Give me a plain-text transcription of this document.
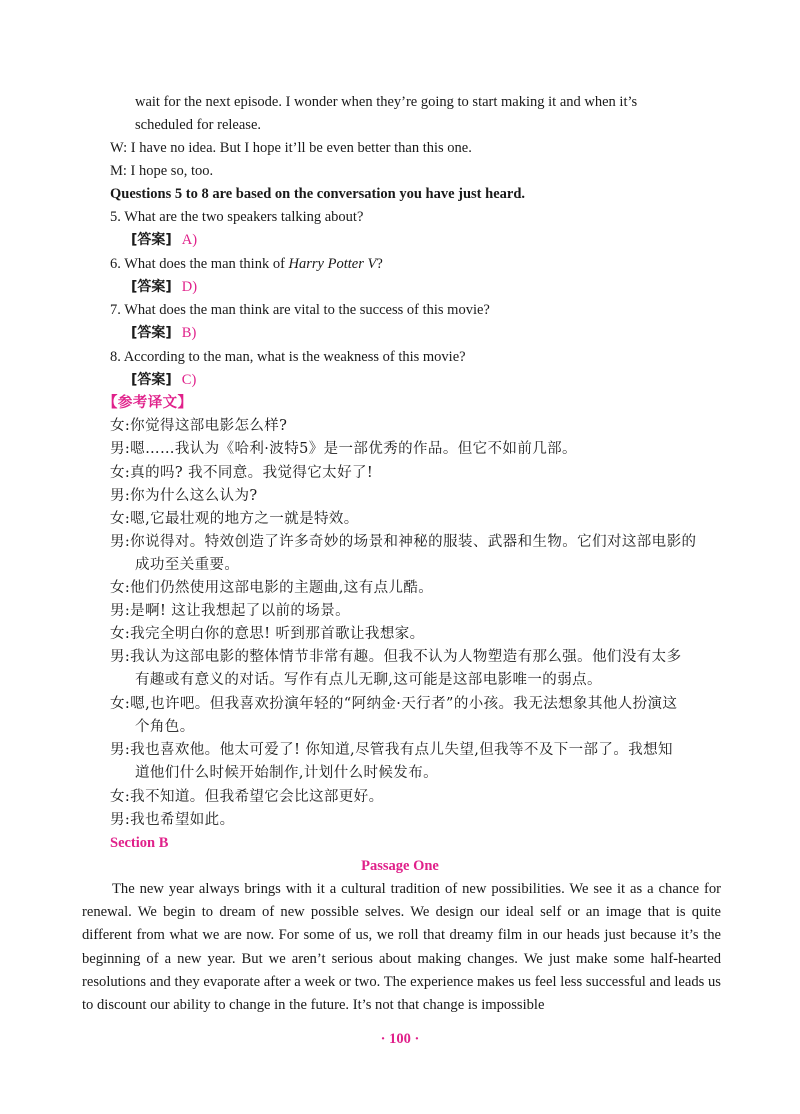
wait for the next episode. I wonder when they’re going to start making it and when it’s
scheduled for release.
W: I have no idea. But I hope it’ll be even better than this one.
M: I hope so, too.
Questions 5 to 8 are based on the conversation you have just heard.
5. What are the two speakers talking about?
[答案] A)
6. What does the man think of Harry Potter V?
[答案] D)
7. What does the man think are vital to the success of this movie?
[答案] B)
8. According to the man, what is the weakness of this movie?
[答案] C)
【参考译文】
女:你觉得这部电影怎么样?
男:嗯……我认为《哈利·波特5》是一部优秀的作品。但它不如前几部。
女:真的吗? 我不同意。我觉得它太好了!
男:你为什么这么认为?
女:嗯,它最壮观的地方之一就是特效。
男:你说得对。特效创造了许多奇妙的场景和神秘的服装、武器和生物。它们对这部电影的
成功至关重要。
女:他们仍然使用这部电影的主题曲,这有点儿酷。
男:是啊! 这让我想起了以前的场景。
女:我完全明白你的意思! 听到那首歌让我想家。
男:我认为这部电影的整体情节非常有趣。但我不认为人物塑造有那么强。他们没有太多
有趣或有意义的对话。写作有点儿无聊,这可能是这部电影唯一的弱点。
女:嗯,也许吧。但我喜欢扮演年轻的“阿纳金·天行者”的小孩。我无法想象其他人扮演这
个角色。
男:我也喜欢他。他太可爱了! 你知道,尽管我有点儿失望,但我等不及下一部了。我想知
道他们什么时候开始制作,计划什么时候发布。
女:我不知道。但我希望它会比这部更好。
男:我也希望如此。
Section B
Passage One
The new year always brings with it a cultural tradition of new possibilities. We see it as a chance for renewal. We begin to dream of new possible selves. We design our ideal self or an image that is quite different from what we are now. For some of us, we roll that dreamy film in our heads just because it’s the beginning of a new year. But we aren’t serious about making changes. We just make some half-hearted resolutions and they evaporate after a week or two. The experience makes us feel less successful and leads us to discount our ability to change in the future. It’s not that change is impossible
· 100 ·
